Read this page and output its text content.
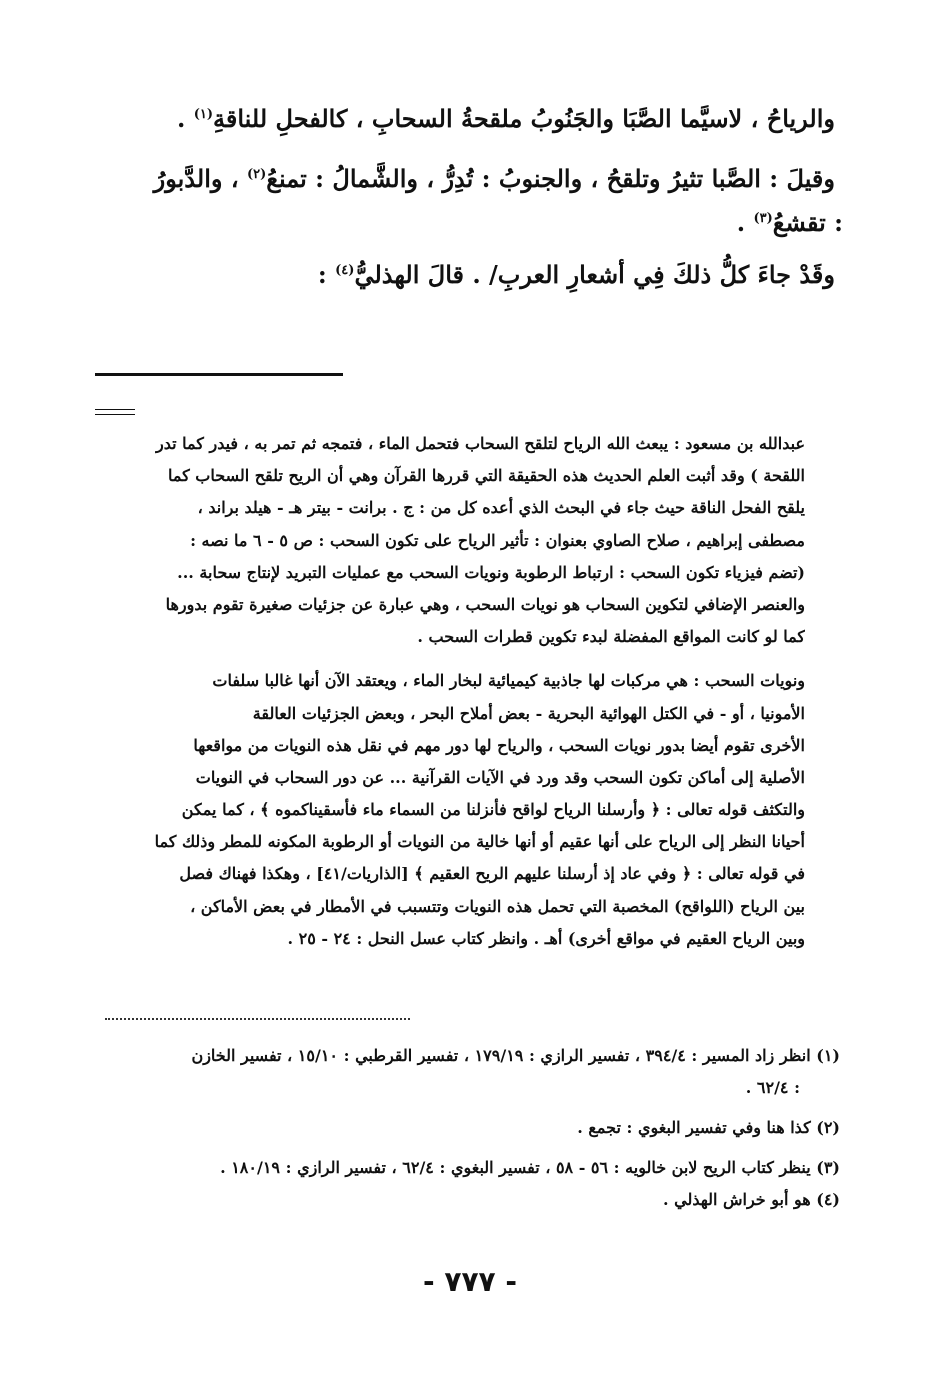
والرياحُ ، لاسيَّما الصَّبَا والجَنُوبُ ملقحةُ السحابِ ، كالفحلِ للناقةِ$^{(١)}$ .

وقيلَ : الصَّبا تثيرُ وتلقحُ ، والجنوبُ : تُدِرُّ ، والشَّمالُ : تمنعُ$^{(٢)}$ ، والدَّبورُ

: تقشعُ$^{(٣)}$ .

وقَدْ جاءَ كلُّ ذلكَ فِي أشعارِ العربِ/ . قالَ الهذليُّ$^{(٤)}$ :

عبدالله بن مسعود : يبعث الله الرياح لتلقح السحاب فتحمل الماء ، فتمجه ثم تمر به ، فيدر كما تدر

اللقحة ) وقد أثبت العلم الحديث هذه الحقيقة التي قررها القرآن وهي أن الريح تلقح السحاب كما

يلقح الفحل الناقة حيث جاء في البحث الذي أعده كل من : ج . برانت - بيتر هـ - هيلد براند ،

مصطفى إبراهيم ، صلاح الصاوي بعنوان : تأثير الرياح على تكون السحب : ص ٥ - ٦ ما نصه :

(تضم فيزياء تكون السحب : ارتباط الرطوبة ونويات السحب مع عمليات التبريد لإنتاج سحابة ...

والعنصر الإضافي لتكوين السحاب هو نويات السحب ، وهي عبارة عن جزئيات صغيرة تقوم بدورها

كما لو كانت المواقع المفضلة لبدء تكوين قطرات السحب .

ونويات السحب : هي مركبات لها جاذبية كيميائية لبخار الماء ، ويعتقد الآن أنها غالبا سلفات

الأمونيا ، أو - في الكتل الهوائية البحرية - بعض أملاح البحر ، وبعض الجزئيات العالقة

الأخرى تقوم أيضا بدور نويات السحب ، والرياح لها دور مهم في نقل هذه النويات من مواقعها

الأصلية إلى أماكن تكون السحب وقد ورد في الآيات القرآنية ... عن دور السحاب في النويات

والتكثف قوله تعالى : ﴿ وأرسلنا الرياح لواقح فأنزلنا من السماء ماء فأسقيناكموه ﴾ ، كما يمكن

أحيانا النظر إلى الرياح على أنها عقيم أو أنها خالية من النويات أو الرطوبة المكونه للمطر وذلك كما

في قوله تعالى : ﴿ وفي عاد إذ أرسلنا عليهم الريح العقيم ﴾ [الذاريات/٤١] ، وهكذا فهناك فصل

بين الرياح (اللواقح) المخصبة التي تحمل هذه النويات وتتسبب في الأمطار في بعض الأماكن ،

وبين الرياح العقيم في مواقع أخرى) أهـ . وانظر كتاب عسل النحل : ٢٤ - ٢٥ .

(١) انظر زاد المسير : ٣٩٤/٤ ، تفسير الرازي : ١٧٩/١٩ ، تفسير القرطبي : ١٥/١٠ ، تفسير الخازن

: ٦٢/٤ .

(٢) كذا هنا وفي تفسير البغوي : تجمع .

(٣) ينظر كتاب الريح لابن خالويه : ٥٦ - ٥٨ ، تفسير البغوي : ٦٢/٤ ، تفسير الرازي : ١٨٠/١٩ .

(٤) هو أبو خراش الهذلي .

- ٧٧٧ -
